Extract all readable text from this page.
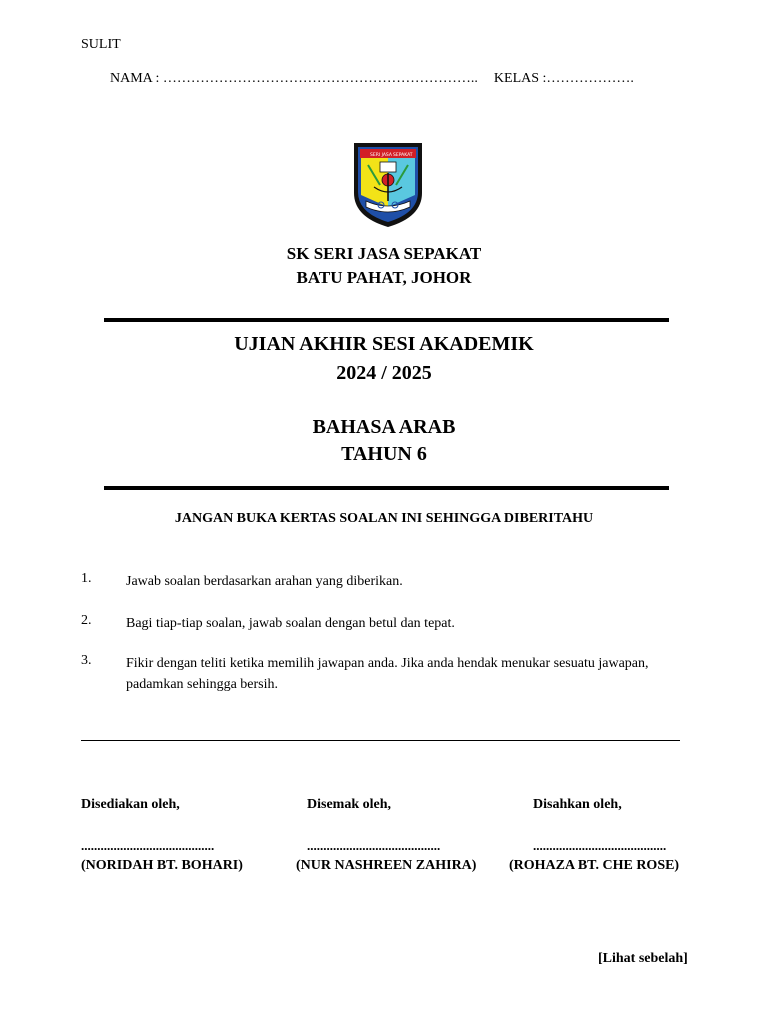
SULIT
NAMA : ………………………………………………………….. KELAS :……………….
SERI JASA SEPAKAT
SK SERI JASA SEPAKAT
BATU PAHAT, JOHOR
UJIAN AKHIR SESI AKADEMIK
2024 / 2025
BAHASA ARAB
TAHUN 6
JANGAN BUKA KERTAS SOALAN INI SEHINGGA DIBERITAHU
1. Jawab soalan berdasarkan arahan yang diberikan.
2. Bagi tiap-tiap soalan, jawab soalan dengan betul dan tepat.
3. Fikir dengan teliti ketika memilih jawapan anda. Jika anda hendak menukar sesuatu jawapan, padamkan sehingga bersih.
Disediakan oleh,	Disemak oleh,	Disahkan oleh,
.........................................	.........................................	.........................................
(NORIDAH BT. BOHARI)	(NUR NASHREEN ZAHIRA) (ROHAZA BT. CHE ROSE)
[Lihat sebelah]
